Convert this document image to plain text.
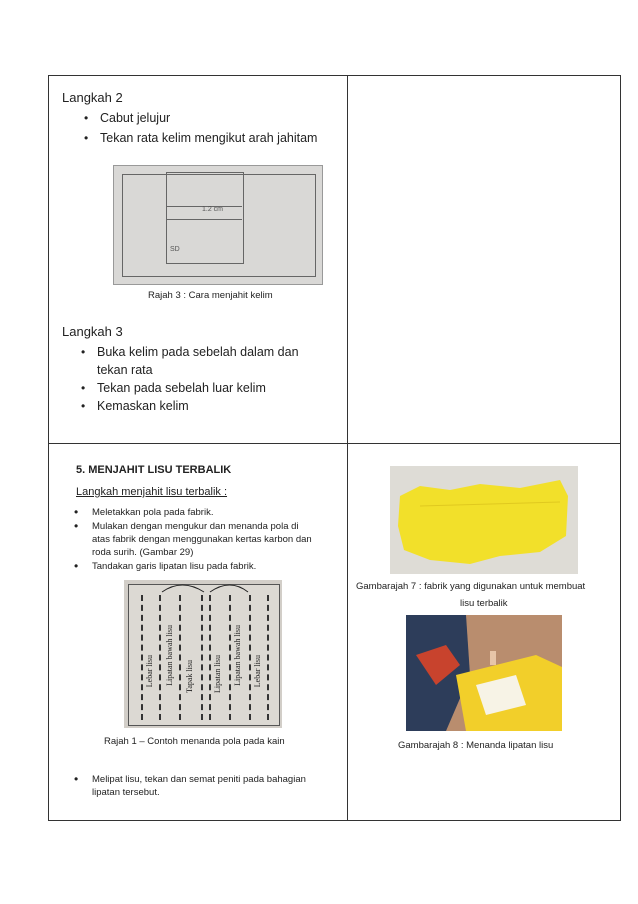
Langkah 2
• Cabut jelujur
• Tekan rata kelim mengikut arah jahitam
1.2 cm
SD
Rajah 3 : Cara menjahit kelim
Langkah 3
• Buka kelim pada sebelah dalam dan
tekan rata
• Tekan pada sebelah luar kelim
• Kemaskan kelim
5. MENJAHIT LISU TERBALIK
Langkah menjahit lisu terbalik :
• Meletakkan pola pada fabrik.
• Mulakan dengan mengukur dan menanda pola di
atas fabrik dengan menggunakan kertas karbon dan
roda surih. (Gambar 29)
• Tandakan garis lipatan lisu pada fabrik.
Lebar lisu Lipatan bawah lisu Tapak lisu Lipatan lisu Lipatan bawah lisu Lebar lisu
Rajah 1 – Contoh menanda pola pada kain
• Melipat lisu, tekan dan semat peniti pada bahagian
lipatan tersebut.
Gambarajah 7 : fabrik yang digunakan untuk membuat
lisu terbalik
Gambarajah 8 : Menanda lipatan lisu
